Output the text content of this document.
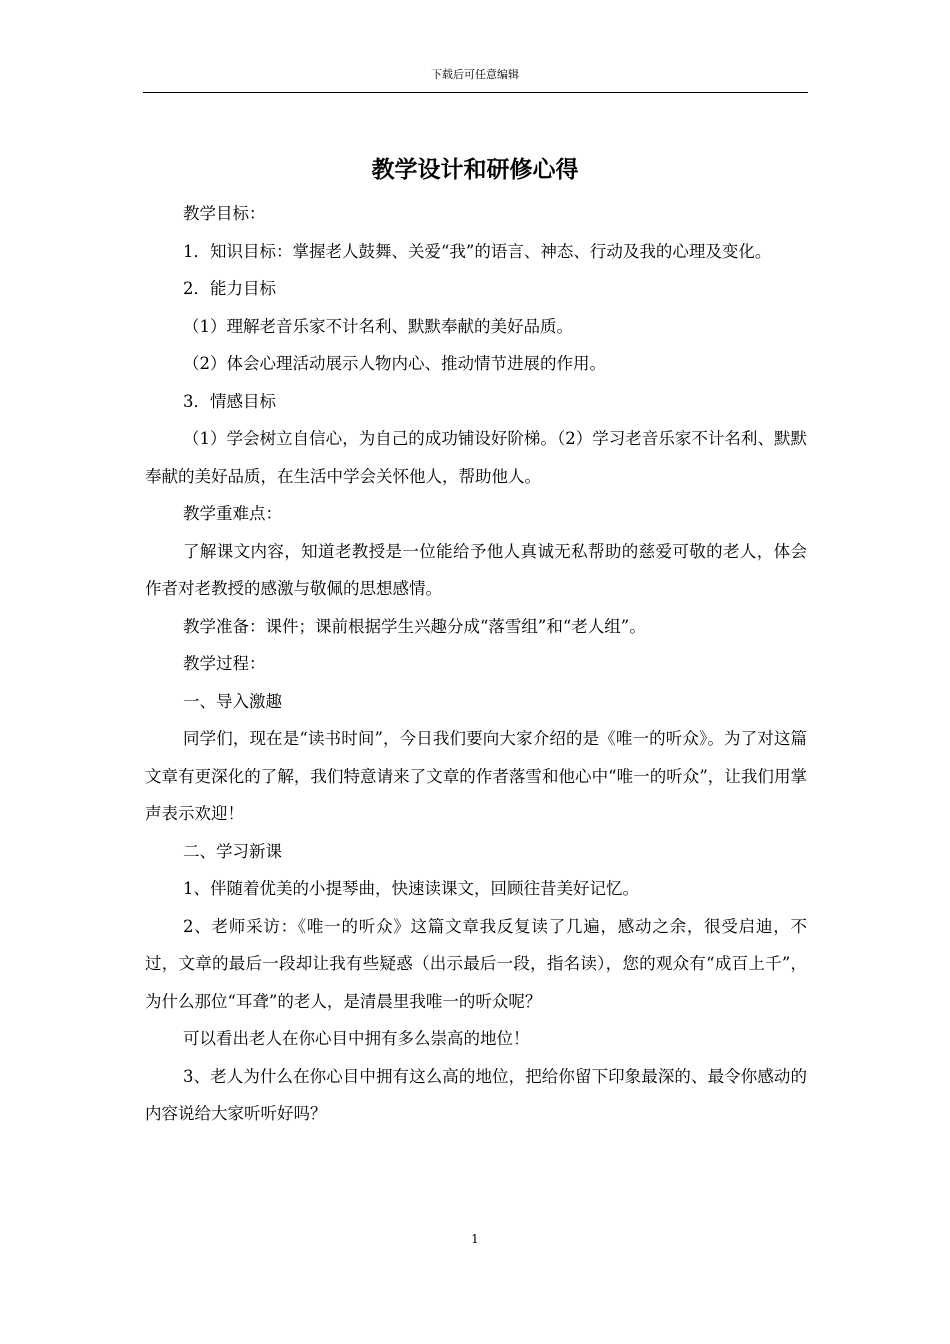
下载后可任意编辑
教学设计和研修心得

教学目标：

1．知识目标：掌握老人鼓舞、关爱“我”的语言、神态、行动及我的心理及变化。

2．能力目标

（1）理解老音乐家不计名利、默默奉献的美好品质。

（2）体会心理活动展示人物内心、推动情节进展的作用。

3．情感目标

（1）学会树立自信心，为自己的成功铺设好阶梯。（2）学习老音乐家不计名利、默默奉献的美好品质，在生活中学会关怀他人，帮助他人。

教学重难点：

了解课文内容，知道老教授是一位能给予他人真诚无私帮助的慈爱可敬的老人，体会作者对老教授的感激与敬佩的思想感情。

教学准备：课件；课前根据学生兴趣分成“落雪组”和“老人组”。

教学过程：

一、导入激趣

同学们，现在是“读书时间”，今日我们要向大家介绍的是《唯一的听众》。为了对这篇文章有更深化的了解，我们特意请来了文章的作者落雪和他心中“唯一的听众”，让我们用掌声表示欢迎！

二、学习新课

1、伴随着优美的小提琴曲，快速读课文，回顾往昔美好记忆。

2、老师采访：《唯一的听众》这篇文章我反复读了几遍，感动之余，很受启迪，不过，文章的最后一段却让我有些疑惑（出示最后一段，指名读），您的观众有“成百上千”，为什么那位“耳聋”的老人，是清晨里我唯一的听众呢？

可以看出老人在你心目中拥有多么崇高的地位！

3、老人为什么在你心目中拥有这么高的地位，把给你留下印象最深的、最令你感动的内容说给大家听听好吗？

1
